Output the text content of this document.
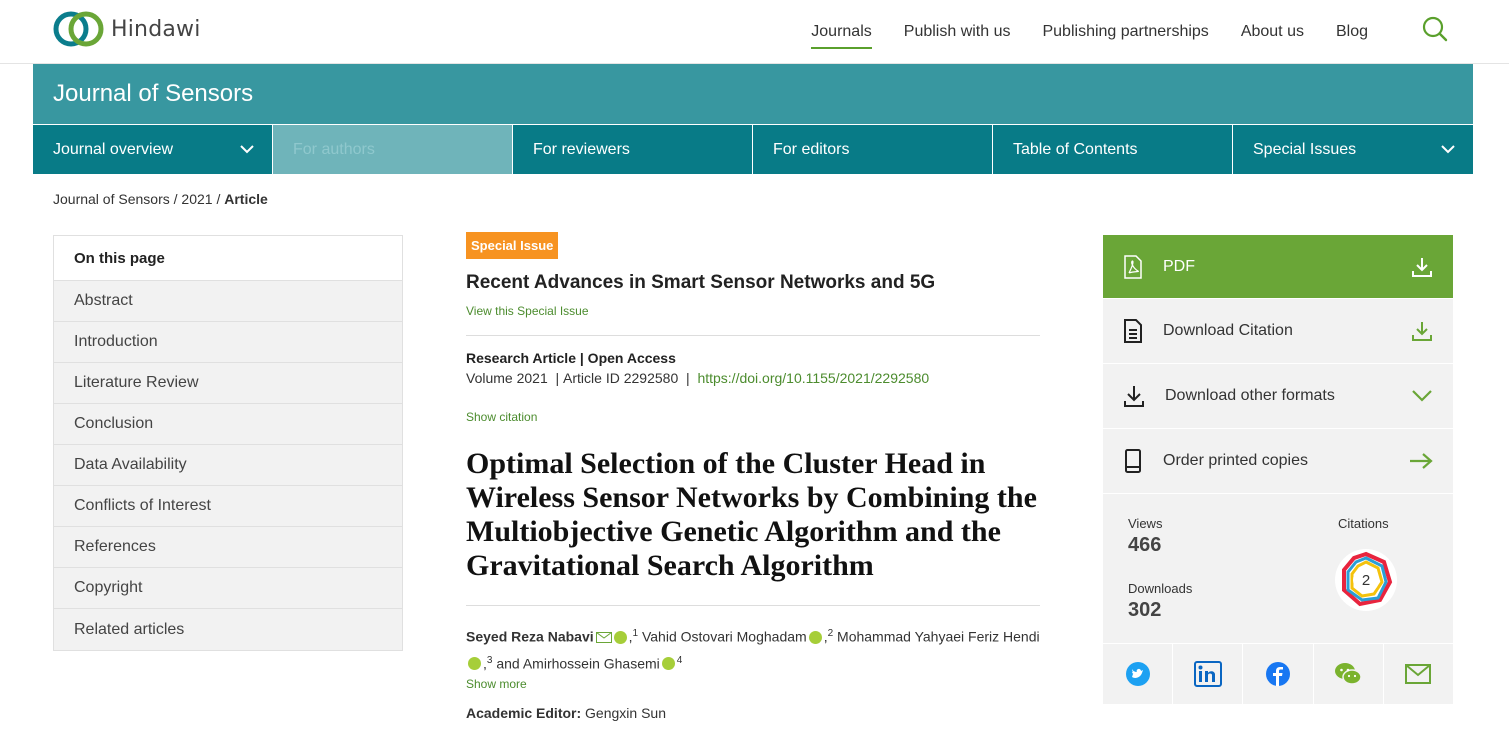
Hindawi	Journals Publish with us Publishing partnerships About us Blog
Journal of Sensors
Journal overview	For authors	For reviewers	For editors	Table of Contents	Special Issues
Journal of Sensors / 2021 / Article
On this page
Abstract
Introduction
Literature Review
Conclusion
Data Availability
Conflicts of Interest
References
Copyright
Related articles
Special Issue
Recent Advances in Smart Sensor Networks and 5G
View this Special Issue
Research Article | Open Access
Volume 2021  | Article ID 2292580  |  https://doi.org/10.1155/2021/2292580
Show citation
Optimal Selection of the Cluster Head in Wireless Sensor Networks by Combining the Multiobjective Genetic Algorithm and the Gravitational Search Algorithm
Seyed Reza Nabavi	,$^1$ Vahid Ostovari Moghadam ,$^2$ Mohammad Yahyaei Feriz Hendi,$^3$ and Amirhossein Ghasemi $^4$
Show more
Academic Editor: Gengxin Sun
PDF
Download Citation
Download other formats
Order printed copies
Views
466
Downloads
302
Citations
2
